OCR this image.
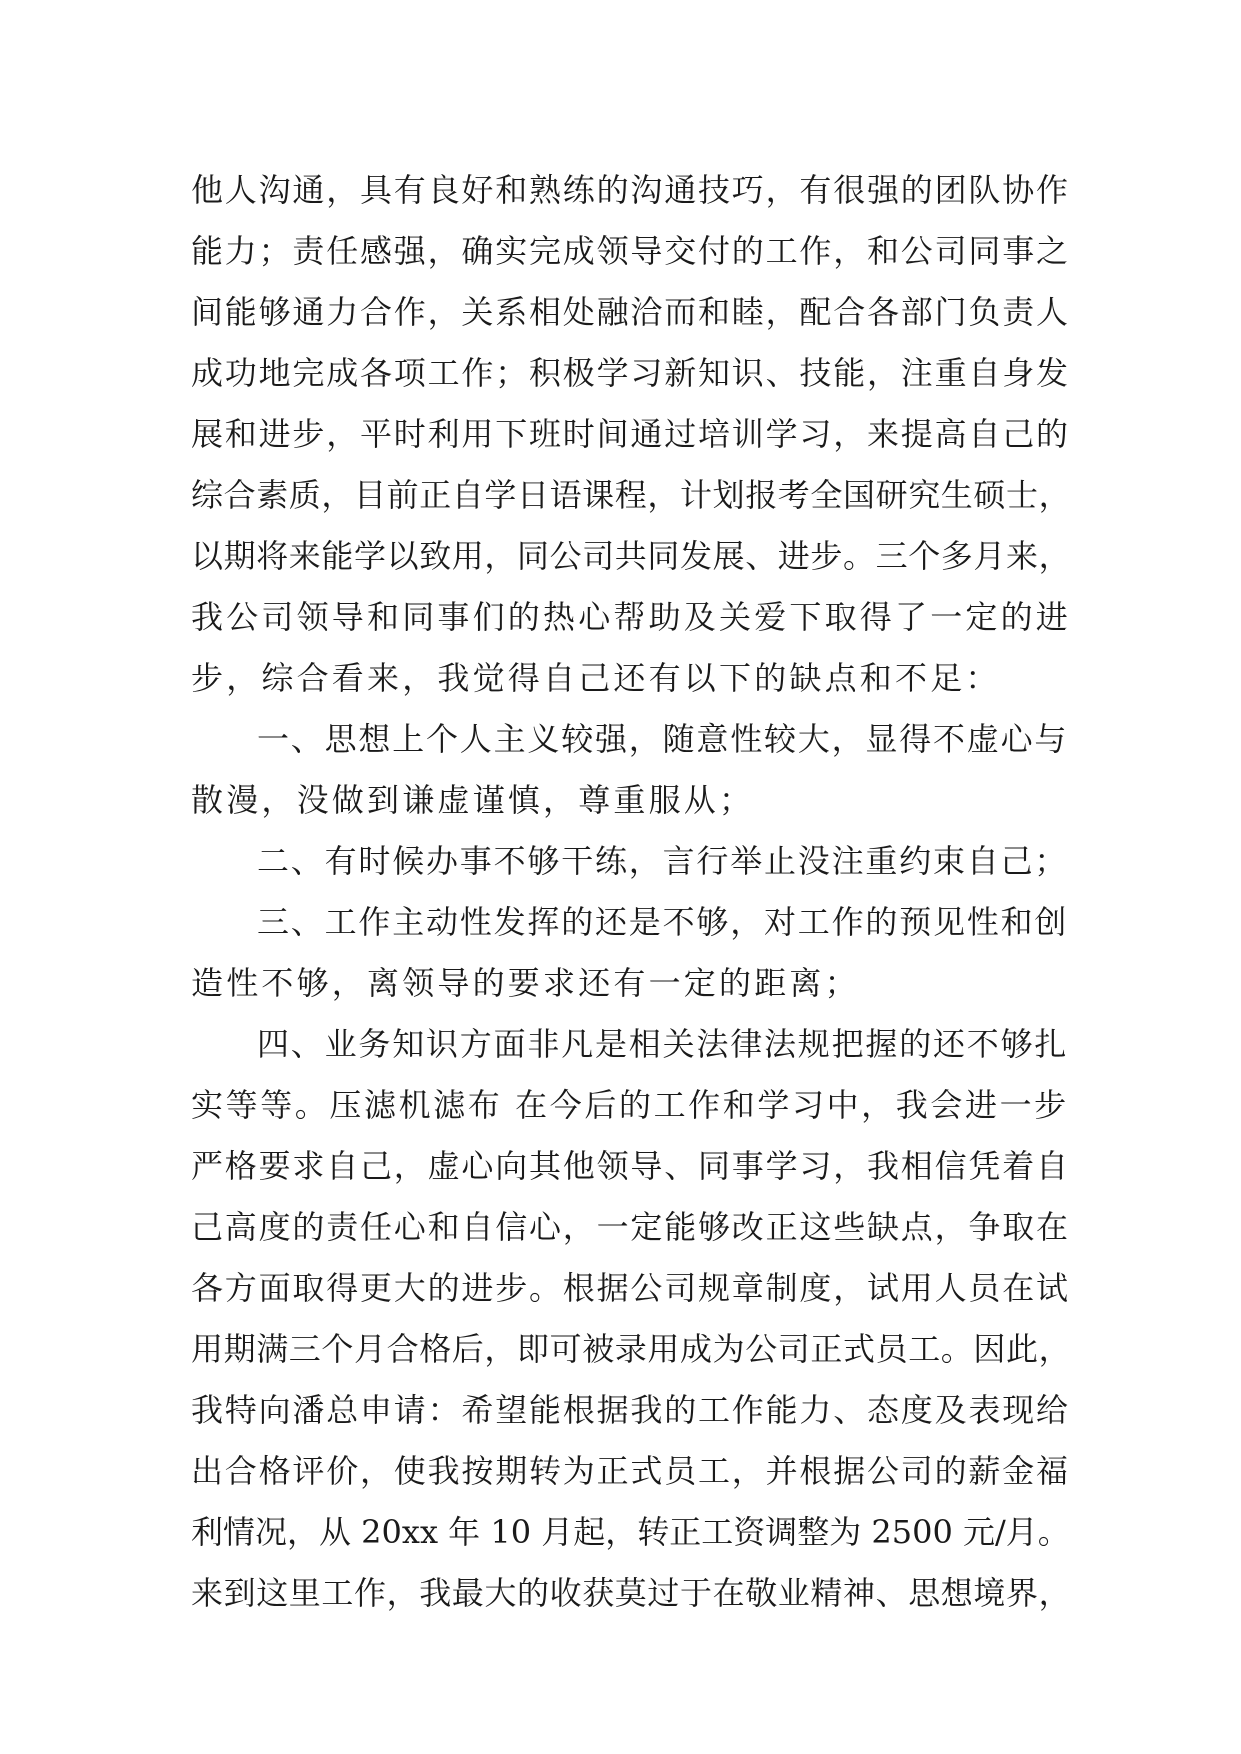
他人沟通，具有良好和熟练的沟通技巧，有很强的团队协作
能力；责任感强，确实完成领导交付的工作，和公司同事之
间能够通力合作，关系相处融洽而和睦，配合各部门负责人
成功地完成各项工作；积极学习新知识、技能，注重自身发
展和进步，平时利用下班时间通过培训学习，来提高自己的
综合素质，目前正自学日语课程，计划报考全国研究生硕士，
以期将来能学以致用，同公司共同发展、进步。三个多月来，
我公司领导和同事们的热心帮助及关爱下取得了一定的进
步，综合看来，我觉得自己还有以下的缺点和不足：
一、思想上个人主义较强，随意性较大，显得不虚心与
散漫，没做到谦虚谨慎，尊重服从；
二、有时候办事不够干练，言行举止没注重约束自己；
三、工作主动性发挥的还是不够，对工作的预见性和创
造性不够，离领导的要求还有一定的距离；
四、业务知识方面非凡是相关法律法规把握的还不够扎
实等等。压滤机滤布 在今后的工作和学习中，我会进一步
严格要求自己，虚心向其他领导、同事学习，我相信凭着自
己高度的责任心和自信心，一定能够改正这些缺点，争取在
各方面取得更大的进步。根据公司规章制度，试用人员在试
用期满三个月合格后，即可被录用成为公司正式员工。因此，
我特向潘总申请：希望能根据我的工作能力、态度及表现给
出合格评价，使我按期转为正式员工，并根据公司的薪金福
利情况，从 20xx 年 10 月起，转正工资调整为 2500 元/月。
来到这里工作，我最大的收获莫过于在敬业精神、思想境界，
